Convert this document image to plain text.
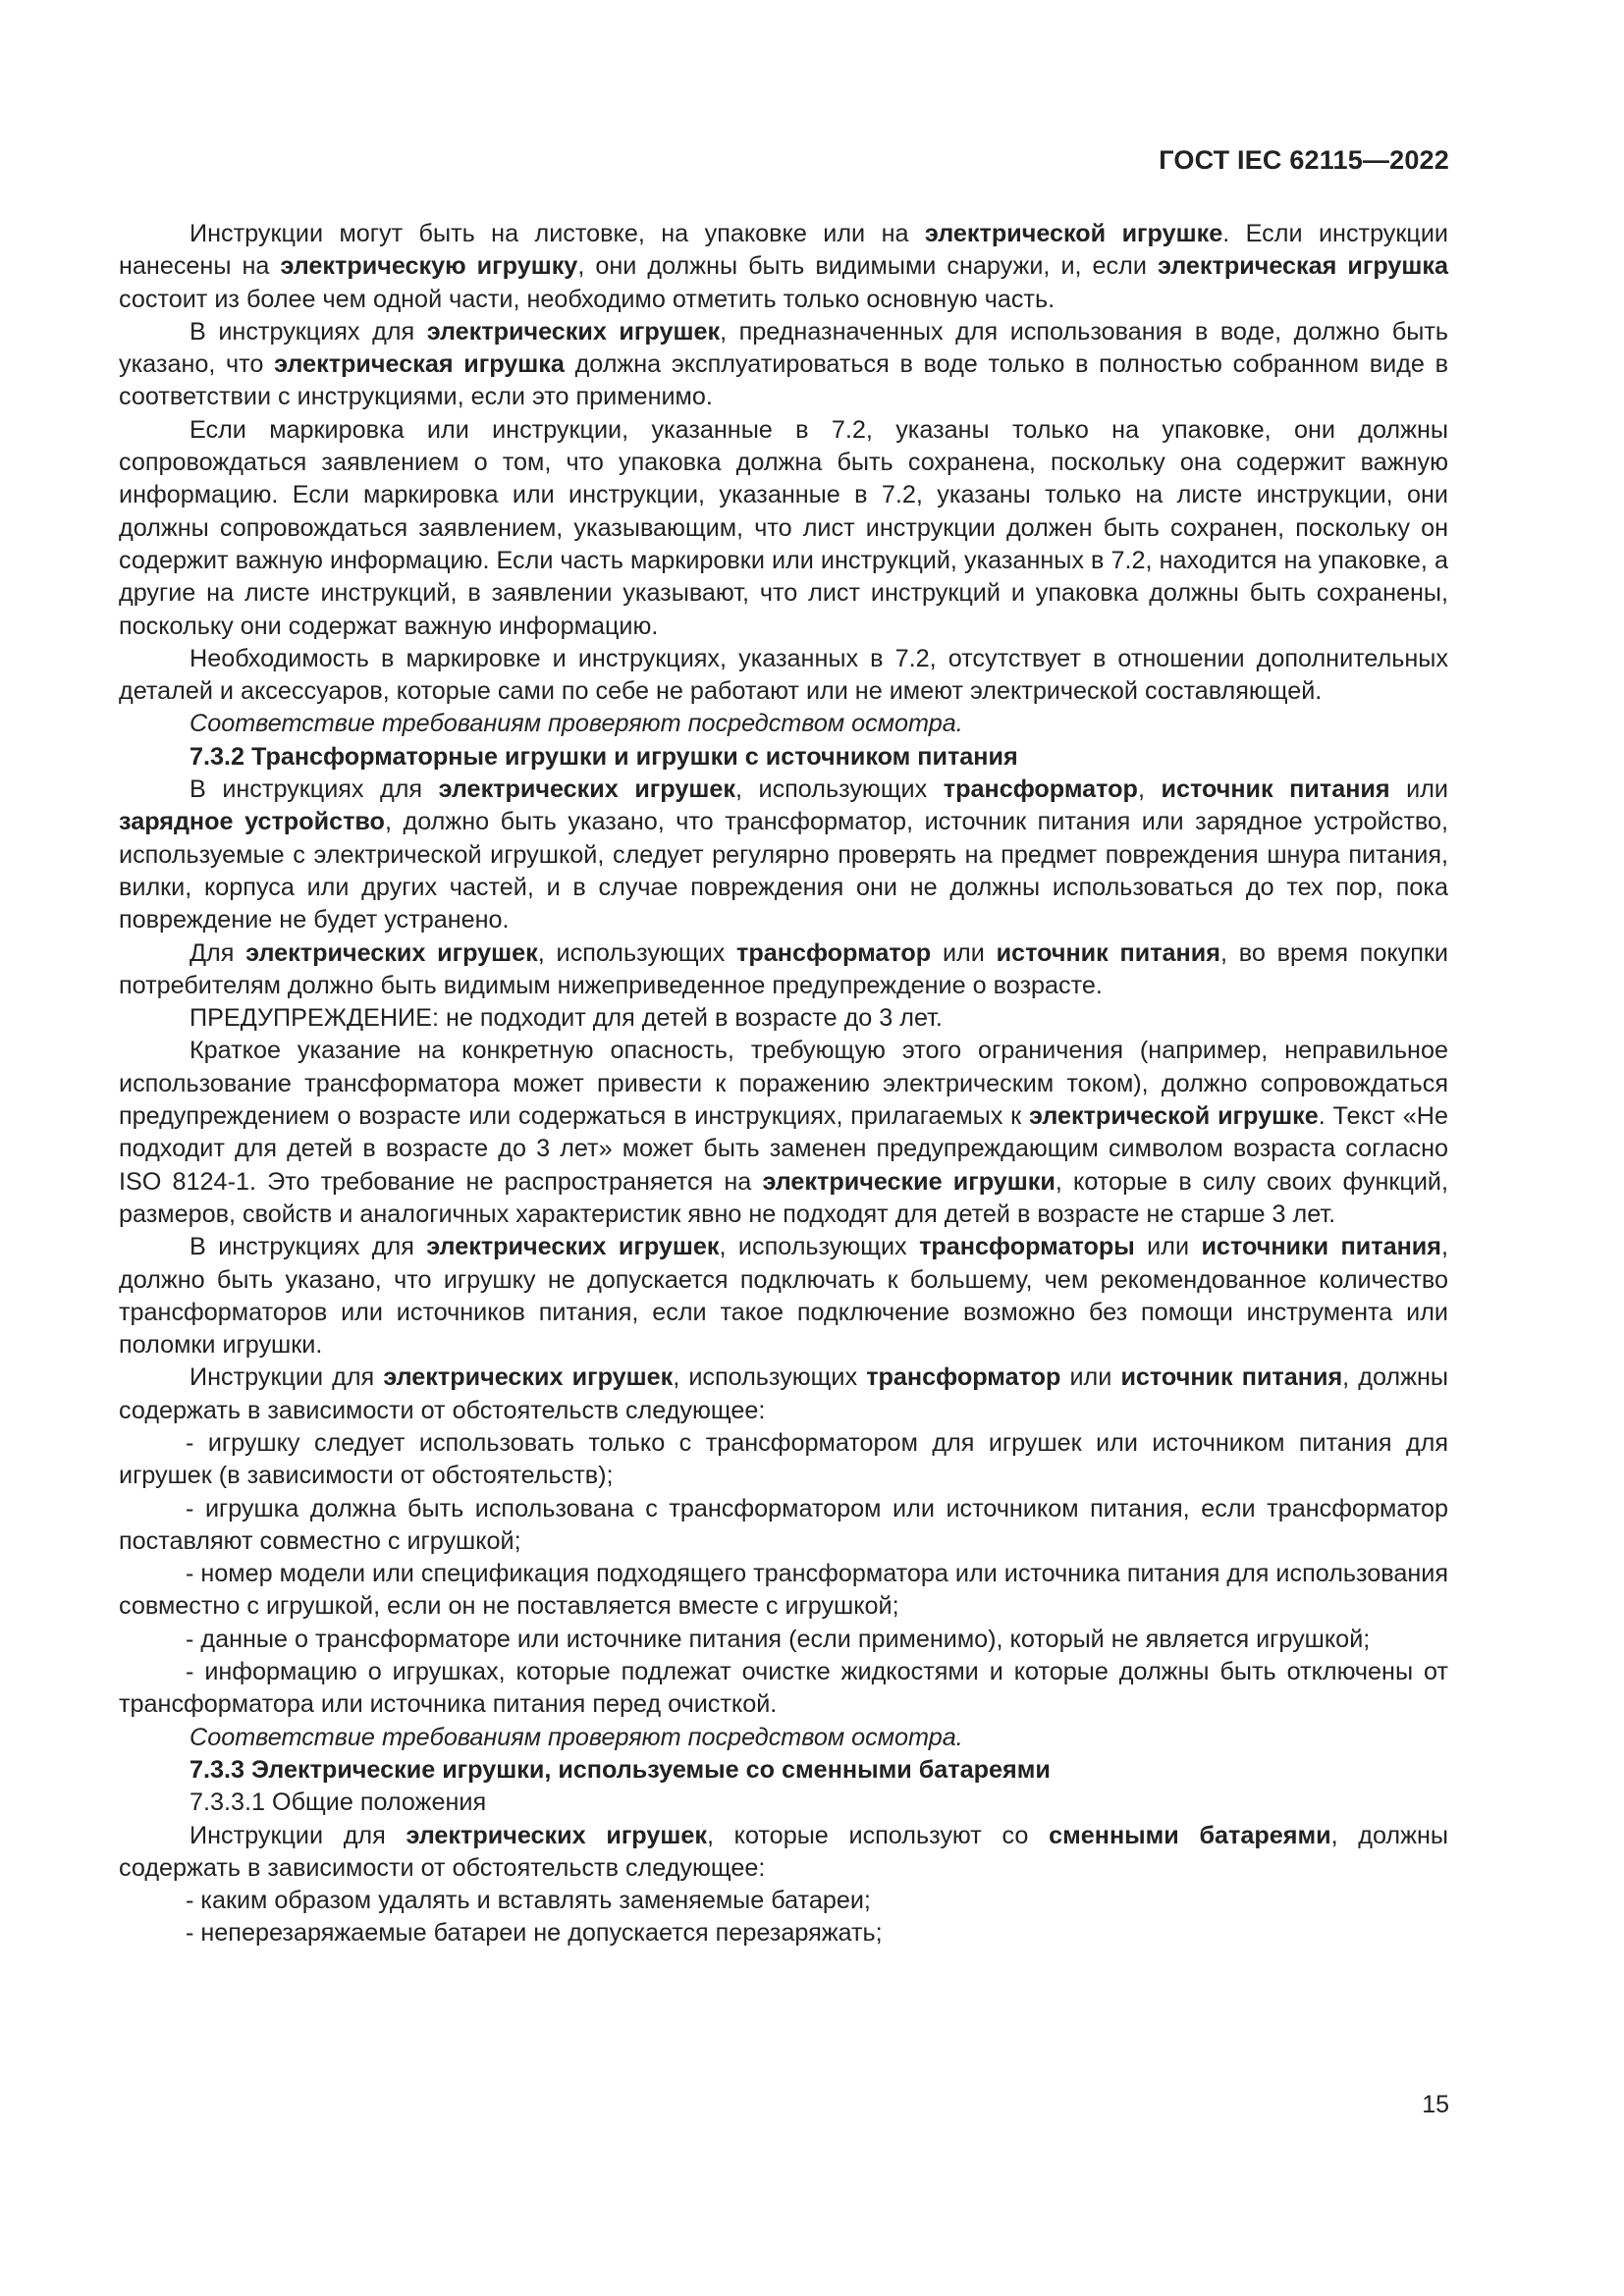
ГОСТ IEC 62115—2022

Инструкции могут быть на листовке, на упаковке или на электрической игрушке. Если инструкции нанесены на электрическую игрушку, они должны быть видимыми снаружи, и, если электрическая игрушка состоит из более чем одной части, необходимо отметить только основную часть.

В инструкциях для электрических игрушек, предназначенных для использования в воде, должно быть указано, что электрическая игрушка должна эксплуатироваться в воде только в полностью собранном виде в соответствии с инструкциями, если это применимо.

Если маркировка или инструкции, указанные в 7.2, указаны только на упаковке, они должны сопровождаться заявлением о том, что упаковка должна быть сохранена, поскольку она содержит важную информацию. Если маркировка или инструкции, указанные в 7.2, указаны только на листе инструкции, они должны сопровождаться заявлением, указывающим, что лист инструкции должен быть сохранен, поскольку он содержит важную информацию. Если часть маркировки или инструкций, указанных в 7.2, находится на упаковке, а другие на листе инструкций, в заявлении указывают, что лист инструкций и упаковка должны быть сохранены, поскольку они содержат важную информацию.

Необходимость в маркировке и инструкциях, указанных в 7.2, отсутствует в отношении дополнительных деталей и аксессуаров, которые сами по себе не работают или не имеют электрической составляющей.

Соответствие требованиям проверяют посредством осмотра.

7.3.2 Трансформаторные игрушки и игрушки с источником питания

В инструкциях для электрических игрушек, использующих трансформатор, источник питания или зарядное устройство, должно быть указано, что трансформатор, источник питания или зарядное устройство, используемые с электрической игрушкой, следует регулярно проверять на предмет повреждения шнура питания, вилки, корпуса или других частей, и в случае повреждения они не должны использоваться до тех пор, пока повреждение не будет устранено.

Для электрических игрушек, использующих трансформатор или источник питания, во время покупки потребителям должно быть видимым нижеприведенное предупреждение о возрасте.

ПРЕДУПРЕЖДЕНИЕ: не подходит для детей в возрасте до 3 лет.

Краткое указание на конкретную опасность, требующую этого ограничения (например, неправильное использование трансформатора может привести к поражению электрическим током), должно сопровождаться предупреждением о возрасте или содержаться в инструкциях, прилагаемых к электрической игрушке. Текст «Не подходит для детей в возрасте до 3 лет» может быть заменен предупреждающим символом возраста согласно ISO 8124-1. Это требование не распространяется на электрические игрушки, которые в силу своих функций, размеров, свойств и аналогичных характеристик явно не подходят для детей в возрасте не старше 3 лет.

В инструкциях для электрических игрушек, использующих трансформаторы или источники питания, должно быть указано, что игрушку не допускается подключать к большему, чем рекомендованное количество трансформаторов или источников питания, если такое подключение возможно без помощи инструмента или поломки игрушки.

Инструкции для электрических игрушек, использующих трансформатор или источник питания, должны содержать в зависимости от обстоятельств следующее:

- игрушку следует использовать только с трансформатором для игрушек или источником питания для игрушек (в зависимости от обстоятельств);

- игрушка должна быть использована с трансформатором или источником питания, если трансформатор поставляют совместно с игрушкой;

- номер модели или спецификация подходящего трансформатора или источника питания для использования совместно с игрушкой, если он не поставляется вместе с игрушкой;

- данные о трансформаторе или источнике питания (если применимо), который не является игрушкой;

- информацию о игрушках, которые подлежат очистке жидкостями и которые должны быть отключены от трансформатора или источника питания перед очисткой.

Соответствие требованиям проверяют посредством осмотра.

7.3.3 Электрические игрушки, используемые со сменными батареями

7.3.3.1 Общие положения

Инструкции для электрических игрушек, которые используют со сменными батареями, должны содержать в зависимости от обстоятельств следующее:

- каким образом удалять и вставлять заменяемые батареи;

- неперезаряжаемые батареи не допускается перезаряжать;

15
